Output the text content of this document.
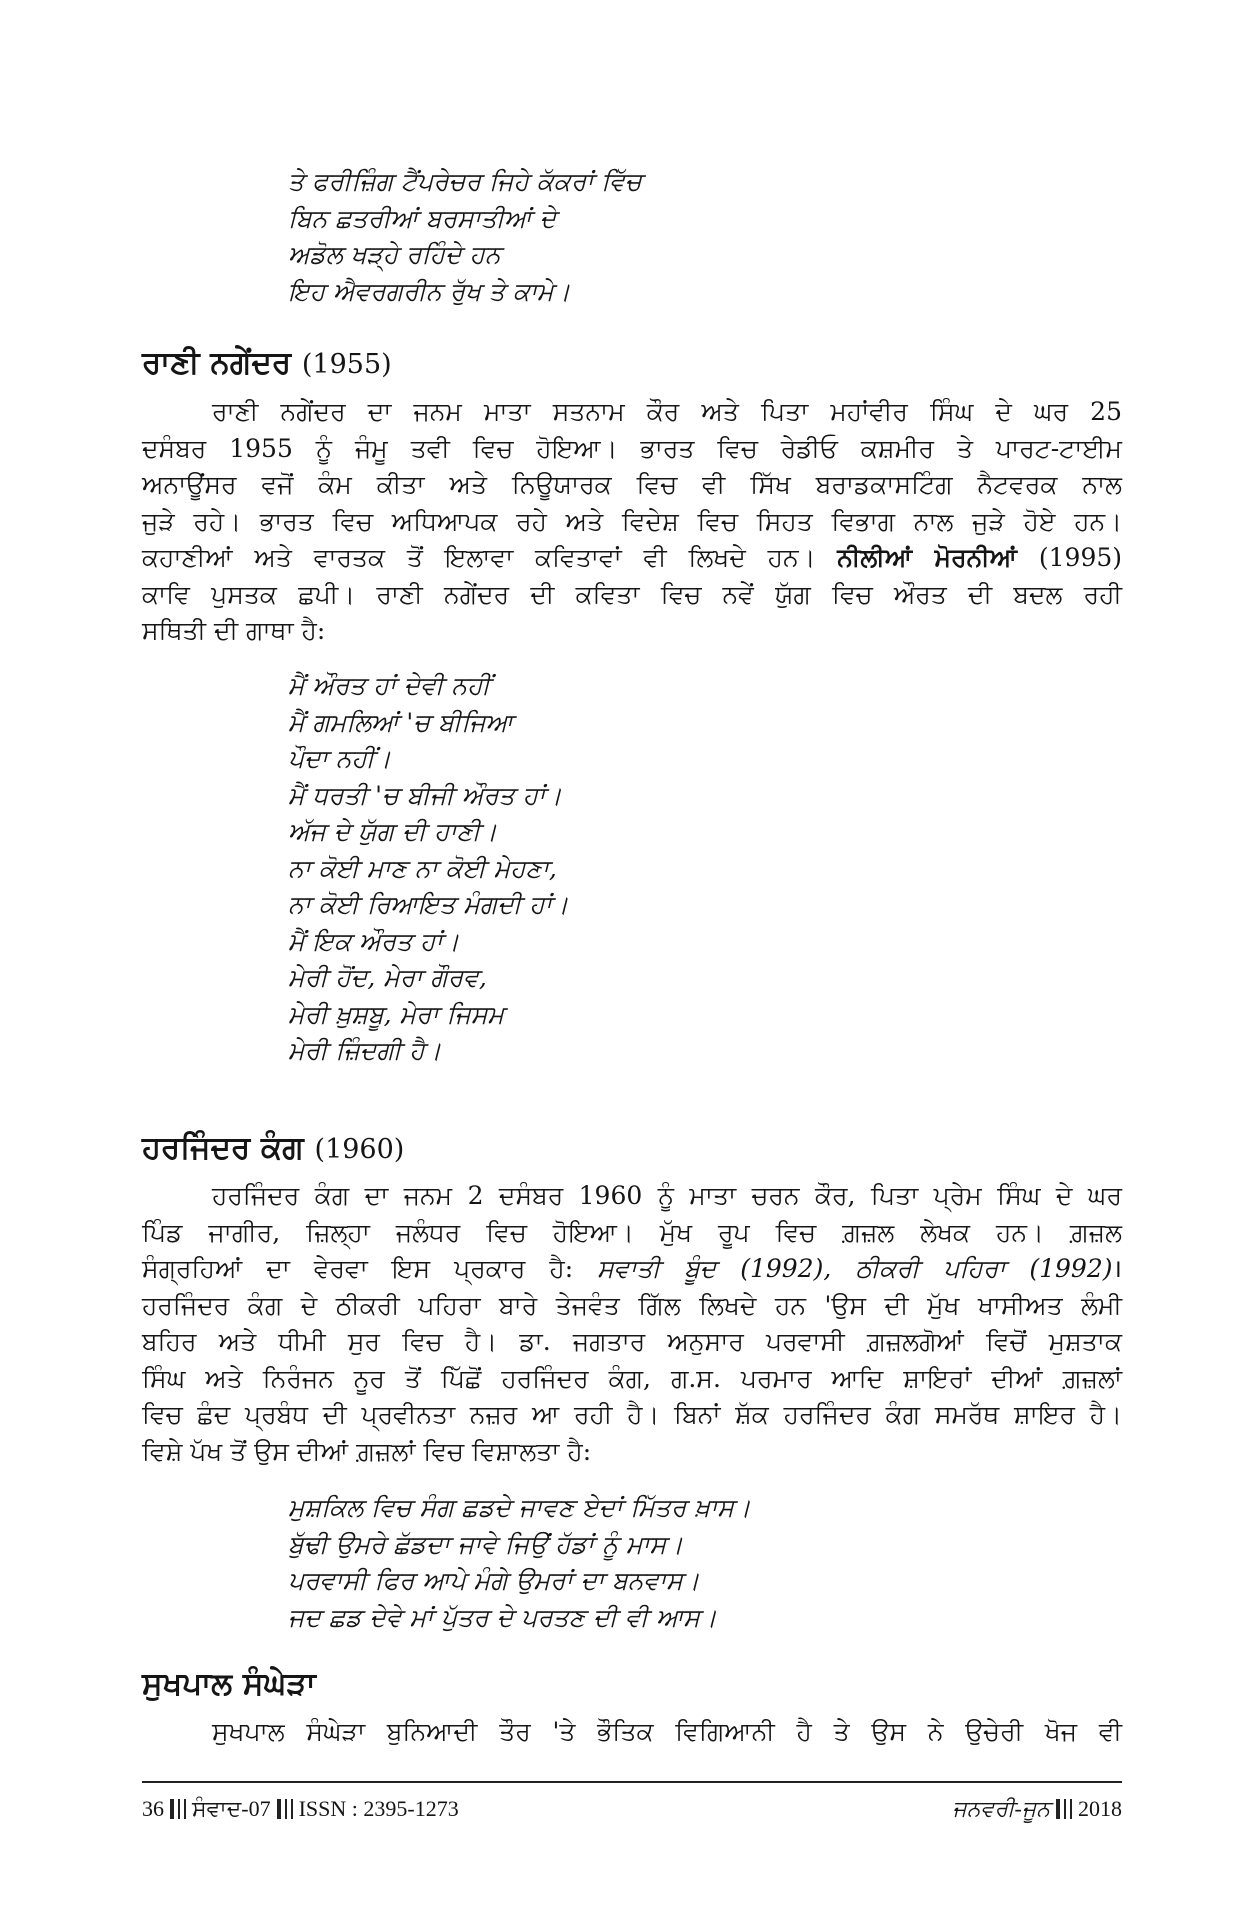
ਤੇ ਫਰੀਜ਼ਿੰਗ ਟੈਂਪਰੇਚਰ ਜਿਹੇ ਕੱਕਰਾਂ ਵਿੱਚ
ਬਿਨ ਛਤਰੀਆਂ ਬਰਸਾਤੀਆਂ ਦੇ
ਅਡੋਲ ਖੜ੍ਹੇ ਰਹਿੰਦੇ ਹਨ
ਇਹ ਐਵਰਗਰੀਨ ਰੁੱਖ ਤੇ ਕਾਮੇ।
ਰਾਣੀ ਨਗੇਂਦਰ (1955)
ਰਾਣੀ ਨਗੇਂਦਰ ਦਾ ਜਨਮ ਮਾਤਾ ਸਤਨਾਮ ਕੌਰ ਅਤੇ ਪਿਤਾ ਮਹਾਂਵੀਰ ਸਿੰਘ ਦੇ ਘਰ 25
ਦਸੰਬਰ 1955 ਨੂੰ ਜੰਮੂ ਤਵੀ ਵਿਚ ਹੋਇਆ। ਭਾਰਤ ਵਿਚ ਰੇਡੀਓ ਕਸ਼ਮੀਰ ਤੇ ਪਾਰਟ-ਟਾਈਮ
ਅਨਾਊਂਸਰ ਵਜੋਂ ਕੰਮ ਕੀਤਾ ਅਤੇ ਨਿਊਯਾਰਕ ਵਿਚ ਵੀ ਸਿੱਖ ਬਰਾਡਕਾਸਟਿੰਗ ਨੈਟਵਰਕ ਨਾਲ
ਜੁੜੇ ਰਹੇ। ਭਾਰਤ ਵਿਚ ਅਧਿਆਪਕ ਰਹੇ ਅਤੇ ਵਿਦੇਸ਼ ਵਿਚ ਸਿਹਤ ਵਿਭਾਗ ਨਾਲ ਜੁੜੇ ਹੋਏ ਹਨ।
ਕਹਾਣੀਆਂ ਅਤੇ ਵਾਰਤਕ ਤੋਂ ਇਲਾਵਾ ਕਵਿਤਾਵਾਂ ਵੀ ਲਿਖਦੇ ਹਨ। ਨੀਲੀਆਂ ਮੋਰਨੀਆਂ (1995)
ਕਾਵਿ ਪੁਸਤਕ ਛਪੀ। ਰਾਣੀ ਨਗੇਂਦਰ ਦੀ ਕਵਿਤਾ ਵਿਚ ਨਵੇਂ ਯੁੱਗ ਵਿਚ ਔਰਤ ਦੀ ਬਦਲ ਰਹੀ
ਸਥਿਤੀ ਦੀ ਗਾਥਾ ਹੈ:
ਮੈਂ ਔਰਤ ਹਾਂ ਦੇਵੀ ਨਹੀਂ
ਮੈਂ ਗਮਲਿਆਂ 'ਚ ਬੀਜਿਆ
ਪੌਦਾ ਨਹੀਂ।
ਮੈਂ ਧਰਤੀ 'ਚ ਬੀਜੀ ਔਰਤ ਹਾਂ।
ਅੱਜ ਦੇ ਯੁੱਗ ਦੀ ਹਾਣੀ।
ਨਾ ਕੋਈ ਮਾਣ ਨਾ ਕੋਈ ਮੇਹਣਾ,
ਨਾ ਕੋਈ ਰਿਆਇਤ ਮੰਗਦੀ ਹਾਂ।
ਮੈਂ ਇਕ ਔਰਤ ਹਾਂ।
ਮੇਰੀ ਹੋਂਦ, ਮੇਰਾ ਗੌਰਵ,
ਮੇਰੀ ਖ਼ੁਸ਼ਬੂ, ਮੇਰਾ ਜਿਸਮ
ਮੇਰੀ ਜ਼ਿੰਦਗੀ ਹੈ।
ਹਰਜਿੰਦਰ ਕੰਗ (1960)
ਹਰਜਿੰਦਰ ਕੰਗ ਦਾ ਜਨਮ 2 ਦਸੰਬਰ 1960 ਨੂੰ ਮਾਤਾ ਚਰਨ ਕੌਰ, ਪਿਤਾ ਪ੍ਰੇਮ ਸਿੰਘ ਦੇ ਘਰ
ਪਿੰਡ ਜਾਗੀਰ, ਜ਼ਿਲ੍ਹਾ ਜਲੰਧਰ ਵਿਚ ਹੋਇਆ। ਮੁੱਖ ਰੂਪ ਵਿਚ ਗ਼ਜ਼ਲ ਲੇਖਕ ਹਨ। ਗ਼ਜ਼ਲ
ਸੰਗ੍ਰਹਿਆਂ ਦਾ ਵੇਰਵਾ ਇਸ ਪ੍ਰਕਾਰ ਹੈ: ਸਵਾਤੀ ਬੂੰਦ (1992), ਠੀਕਰੀ ਪਹਿਰਾ (1992)।
ਹਰਜਿੰਦਰ ਕੰਗ ਦੇ ਠੀਕਰੀ ਪਹਿਰਾ ਬਾਰੇ ਤੇਜਵੰਤ ਗਿੱਲ ਲਿਖਦੇ ਹਨ 'ਉਸ ਦੀ ਮੁੱਖ ਖਾਸੀਅਤ ਲੰਮੀ
ਬਹਿਰ ਅਤੇ ਧੀਮੀ ਸੁਰ ਵਿਚ ਹੈ। ਡਾ. ਜਗਤਾਰ ਅਨੁਸਾਰ ਪਰਵਾਸੀ ਗ਼ਜ਼ਲਗੋਆਂ ਵਿਚੋਂ ਮੁਸ਼ਤਾਕ
ਸਿੰਘ ਅਤੇ ਨਿਰੰਜਨ ਨੂਰ ਤੋਂ ਪਿੱਛੋਂ ਹਰਜਿੰਦਰ ਕੰਗ, ਗ.ਸ. ਪਰਮਾਰ ਆਦਿ ਸ਼ਾਇਰਾਂ ਦੀਆਂ ਗ਼ਜ਼ਲਾਂ
ਵਿਚ ਛੰਦ ਪ੍ਰਬੰਧ ਦੀ ਪ੍ਰਵੀਨਤਾ ਨਜ਼ਰ ਆ ਰਹੀ ਹੈ। ਬਿਨਾਂ ਸ਼ੱਕ ਹਰਜਿੰਦਰ ਕੰਗ ਸਮਰੱਥ ਸ਼ਾਇਰ ਹੈ।
ਵਿਸ਼ੇ ਪੱਖ ਤੋਂ ਉਸ ਦੀਆਂ ਗ਼ਜ਼ਲਾਂ ਵਿਚ ਵਿਸ਼ਾਲਤਾ ਹੈ:
ਮੁਸ਼ਕਿਲ ਵਿਚ ਸੰਗ ਛਡਦੇ ਜਾਵਣ ਏਦਾਂ ਮਿੱਤਰ ਖ਼ਾਸ।
ਬੁੱਢੀ ਉਮਰੇ ਛੱਡਦਾ ਜਾਵੇ ਜਿਉਂ ਹੱਡਾਂ ਨੂੰ ਮਾਸ।
ਪਰਵਾਸੀ ਫਿਰ ਆਪੇ ਮੰਗੇ ਉਮਰਾਂ ਦਾ ਬਨਵਾਸ।
ਜਦ ਛਡ ਦੇਵੇ ਮਾਂ ਪੁੱਤਰ ਦੇ ਪਰਤਣ ਦੀ ਵੀ ਆਸ।
ਸੁਖਪਾਲ ਸੰਘੇੜਾ
ਸੁਖਪਾਲ ਸੰਘੇੜਾ ਬੁਨਿਆਦੀ ਤੌਰ 'ਤੇ ਭੌਤਿਕ ਵਿਗਿਆਨੀ ਹੈ ਤੇ ਉਸ ਨੇ ਉਚੇਰੀ ਖੋਜ ਵੀ
36 ਸੰਵਾਦ-07 ISSN : 2395-1273	ਜਨਵਰੀ-ਜੂਨ 2018
